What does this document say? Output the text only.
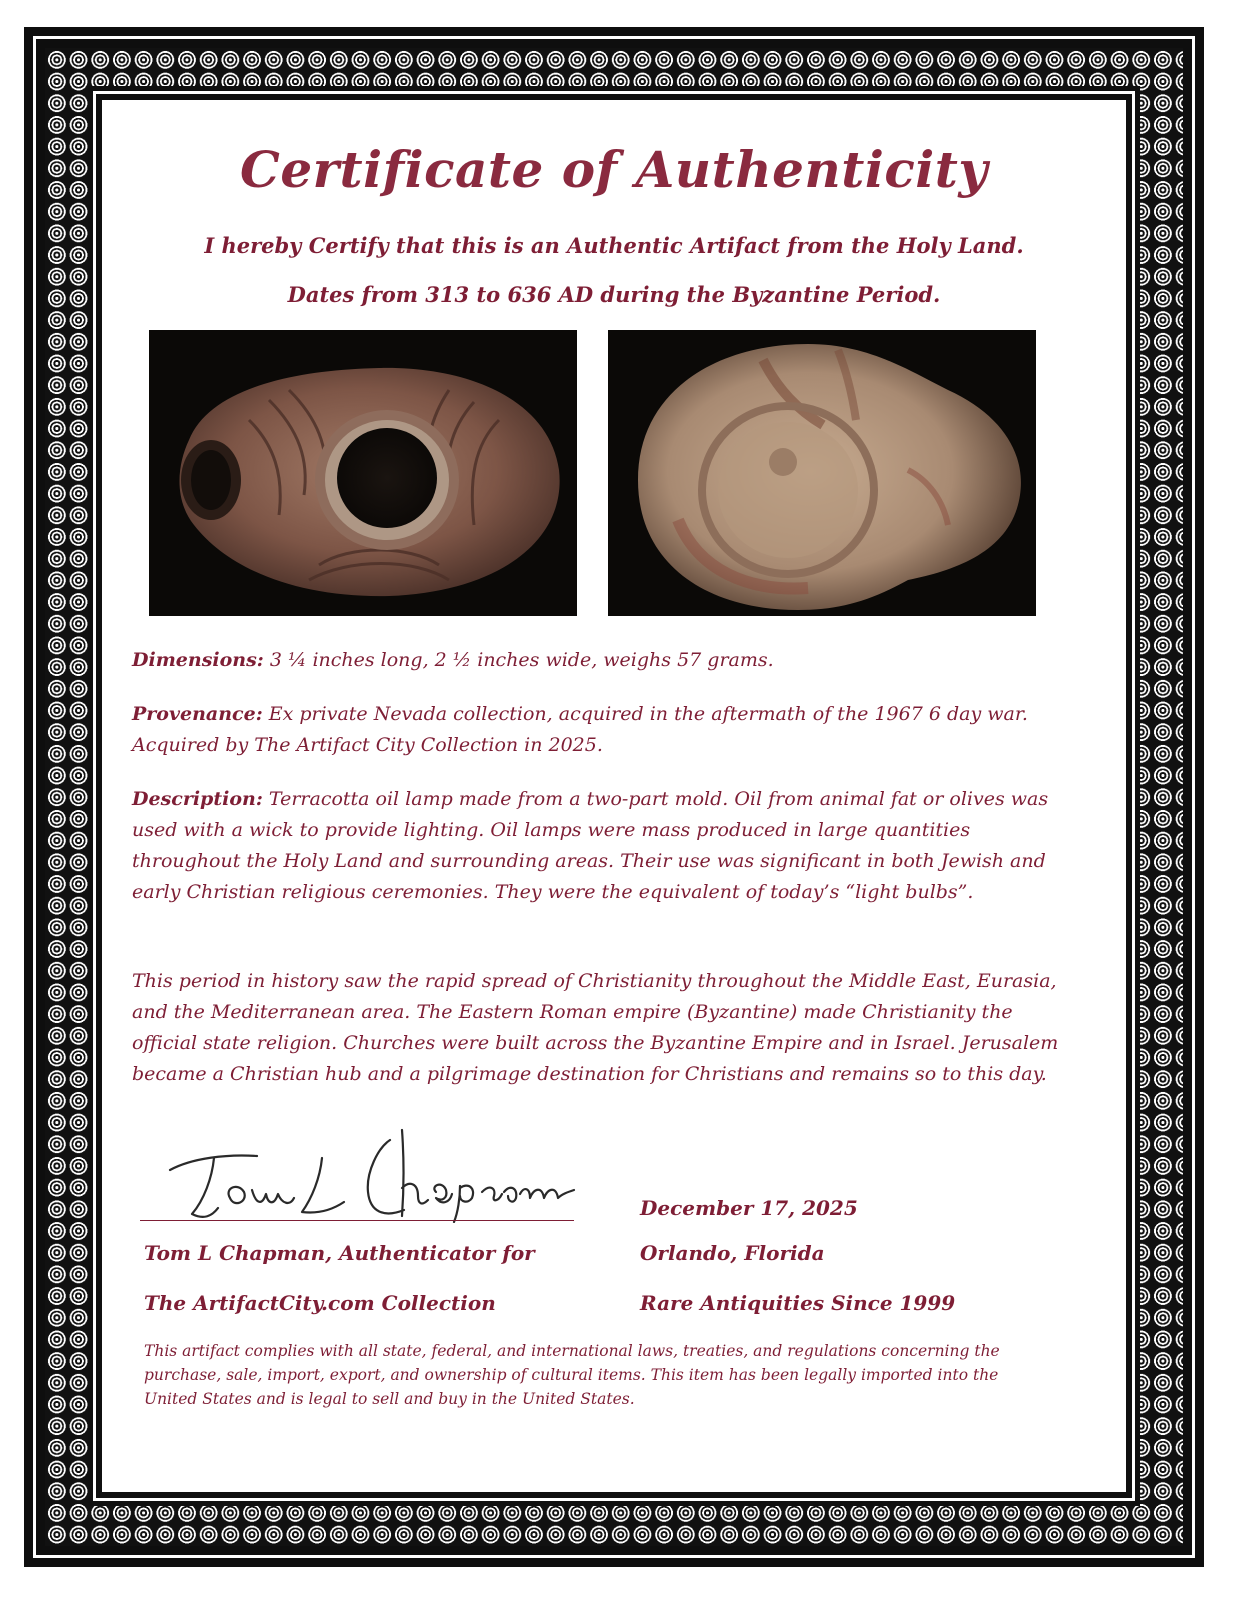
Certificate of Authenticity

I hereby Certify that this is an Authentic Artifact from the Holy Land.

Dates from 313 to 636 AD during the Byzantine Period.

Dimensions: 3 ¼ inches long, 2 ½ inches wide, weighs 57 grams.

Provenance: Ex private Nevada collection, acquired in the aftermath of the 1967 6 day war. Acquired by The Artifact City Collection in 2025.

Description: Terracotta oil lamp made from a two-part mold. Oil from animal fat or olives was used with a wick to provide lighting. Oil lamps were mass produced in large quantities throughout the Holy Land and surrounding areas. Their use was significant in both Jewish and early Christian religious ceremonies. They were the equivalent of today’s “light bulbs”.

This period in history saw the rapid spread of Christianity throughout the Middle East, Eurasia, and the Mediterranean area. The Eastern Roman empire (Byzantine) made Christianity the official state religion. Churches were built across the Byzantine Empire and in Israel. Jerusalem became a Christian hub and a pilgrimage destination for Christians and remains so to this day.

Tom L Chapman, Authenticator for

The ArtifactCity.com Collection

December 17, 2025

Orlando, Florida

Rare Antiquities Since 1999

This artifact complies with all state, federal, and international laws, treaties, and regulations concerning the purchase, sale, import, export, and ownership of cultural items. This item has been legally imported into the United States and is legal to sell and buy in the United States.
